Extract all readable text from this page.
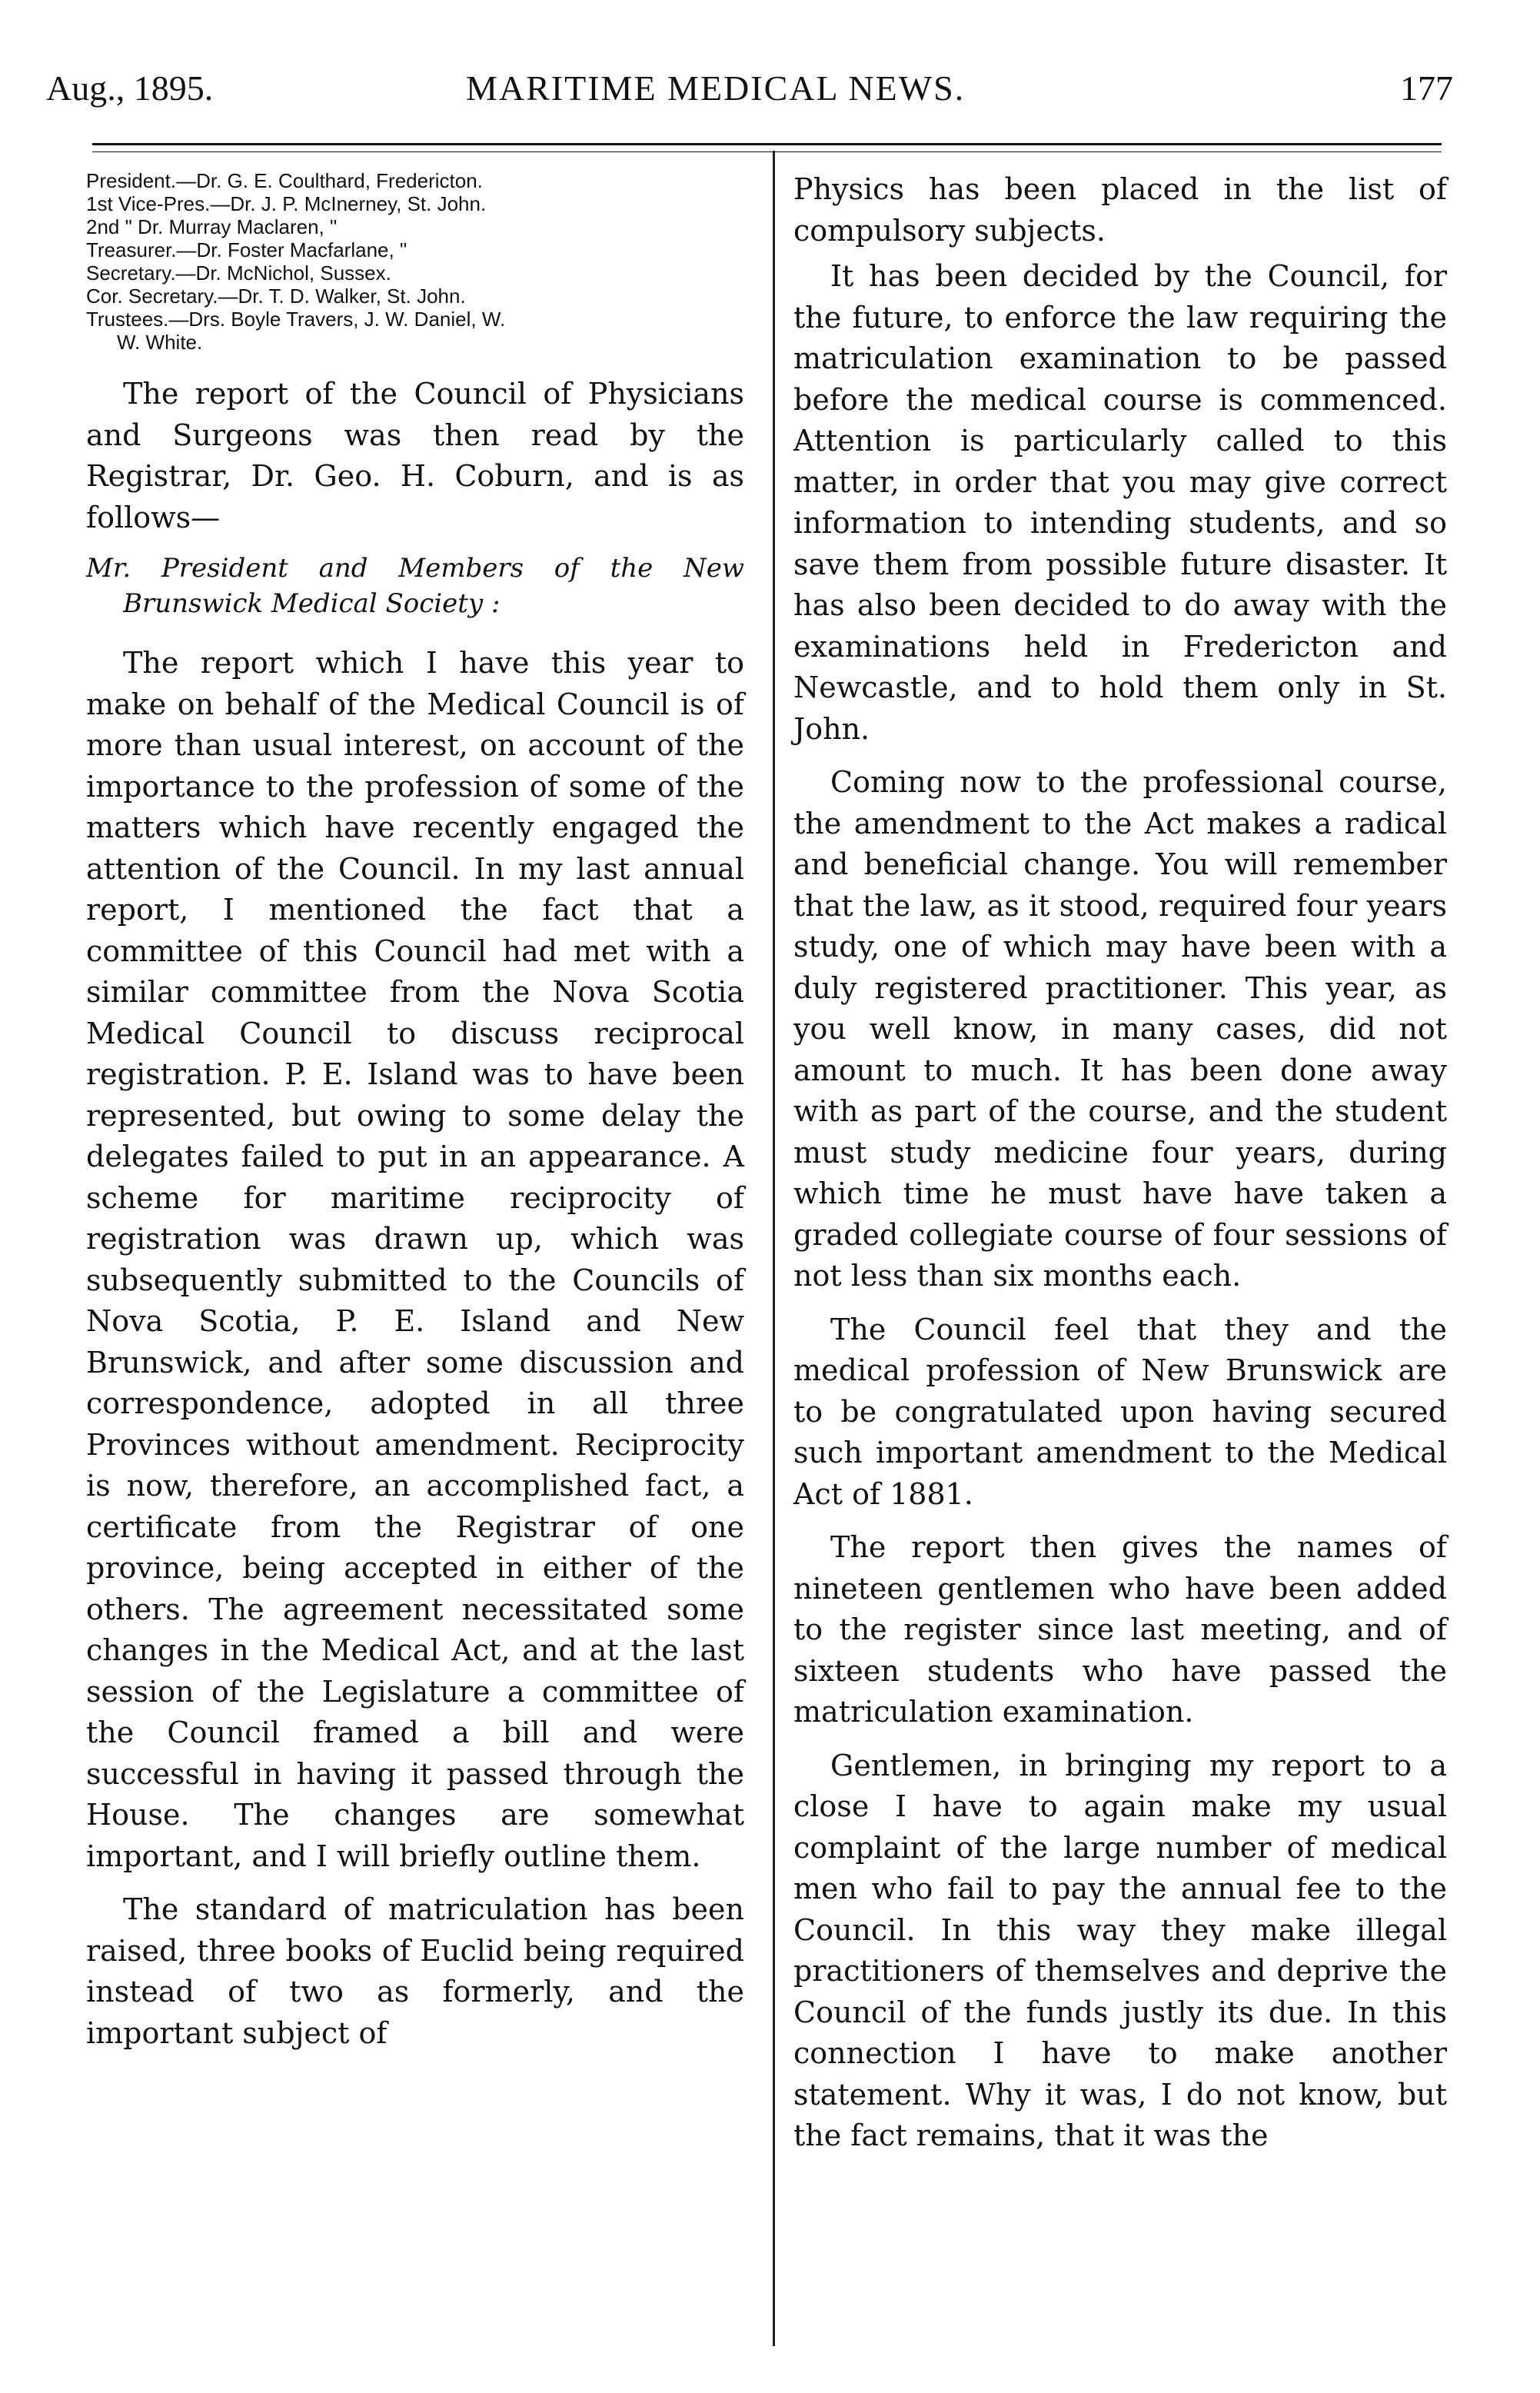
Aug., 1895.	MARITIME MEDICAL NEWS.	177
President.—Dr. G. E. Coulthard, Fredericton.
1st Vice-Pres.—Dr. J. P. McInerney, St. John.
2nd " Dr. Murray Maclaren, "
Treasurer.—Dr. Foster Macfarlane, "
Secretary.—Dr. McNichol, Sussex.
Cor. Secretary.—Dr. T. D. Walker, St. John.
Trustees.—Drs. Boyle Travers, J. W. Daniel, W.
W. White.

The report of the Council of Physicians and Surgeons was then read by the Registrar, Dr. Geo. H. Coburn, and is as follows—

Mr. President and Members of the New Brunswick Medical Society :

The report which I have this year to make on behalf of the Medical Council is of more than usual interest, on account of the importance to the profession of some of the matters which have recently engaged the attention of the Council. In my last annual report, I mentioned the fact that a committee of this Council had met with a similar committee from the Nova Scotia Medical Council to discuss reciprocal registration. P. E. Island was to have been represented, but owing to some delay the delegates failed to put in an appearance. A scheme for maritime reciprocity of registration was drawn up, which was subsequently submitted to the Councils of Nova Scotia, P. E. Island and New Brunswick, and after some discussion and correspondence, adopted in all three Provinces without amendment. Reciprocity is now, therefore, an accomplished fact, a certificate from the Registrar of one province, being accepted in either of the others. The agreement necessitated some changes in the Medical Act, and at the last session of the Legislature a committee of the Council framed a bill and were successful in having it passed through the House. The changes are somewhat important, and I will briefly outline them.

The standard of matriculation has been raised, three books of Euclid being required instead of two as formerly, and the important subject of

Physics has been placed in the list of compulsory subjects.

It has been decided by the Council, for the future, to enforce the law requiring the matriculation examination to be passed before the medical course is commenced. Attention is particularly called to this matter, in order that you may give correct information to intending students, and so save them from possible future disaster. It has also been decided to do away with the examinations held in Fredericton and Newcastle, and to hold them only in St. John.

Coming now to the professional course, the amendment to the Act makes a radical and beneficial change. You will remember that the law, as it stood, required four years study, one of which may have been with a duly registered practitioner. This year, as you well know, in many cases, did not amount to much. It has been done away with as part of the course, and the student must study medicine four years, during which time he must have have taken a graded collegiate course of four sessions of not less than six months each.

The Council feel that they and the medical profession of New Brunswick are to be congratulated upon having secured such important amendment to the Medical Act of 1881.

The report then gives the names of nineteen gentlemen who have been added to the register since last meeting, and of sixteen students who have passed the matriculation examination.

Gentlemen, in bringing my report to a close I have to again make my usual complaint of the large number of medical men who fail to pay the annual fee to the Council. In this way they make illegal practitioners of themselves and deprive the Council of the funds justly its due. In this connection I have to make another statement. Why it was, I do not know, but the fact remains, that it was the
